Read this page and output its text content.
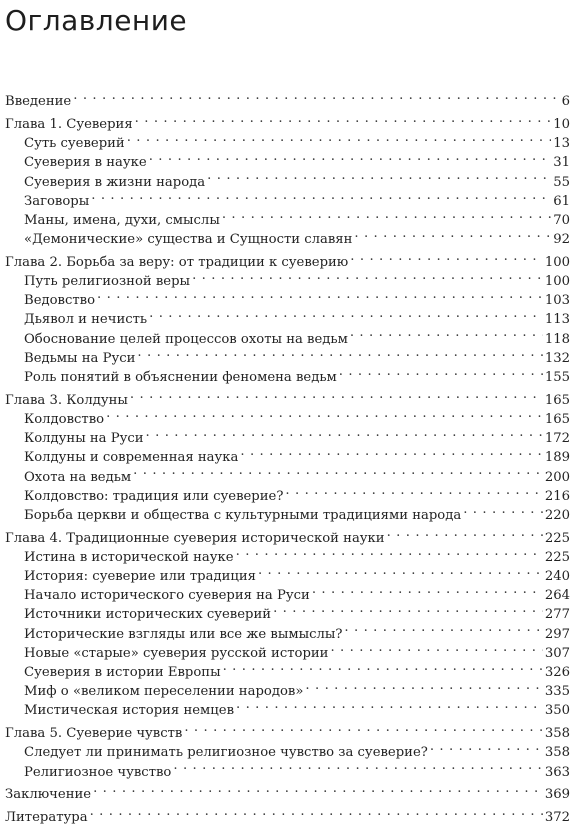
Оглавление
Введение . . .	6
Глава 1. Суеверия . . .	10
Суть суеверий . . .	13
Суеверия в науке . . .	31
Суеверия в жизни народа . . .	55
Заговоры . . .	61
Маны, имена, духи, смыслы . . .	70
«Демонические» существа и Сущности славян . . .	92
Глава 2. Борьба за веру: от традиции к суеверию . . .	100
Путь религиозной веры . . .	100
Ведовство . . .	103
Дьявол и нечисть . . .	113
Обоснование целей процессов охоты на ведьм . . .	118
Ведьмы на Руси . . .	132
Роль понятий в объяснении феномена ведьм . . .	155
Глава 3. Колдуны . . .	165
Колдовство . . .	165
Колдуны на Руси . . .	172
Колдуны и современная наука . . .	189
Охота на ведьм . . .	200
Колдовство: традиция или суеверие? . . .	216
Борьба церкви и общества с культурными традициями народа . . .	220
Глава 4. Традиционные суеверия исторической науки . . .	225
Истина в исторической науке . . .	225
История: суеверие или традиция . . .	240
Начало исторического суеверия на Руси . . .	264
Источники исторических суеверий . . .	277
Исторические взгляды или все же вымыслы? . . .	297
Новые «старые» суеверия русской истории . . .	307
Суеверия в истории Европы . . .	326
Миф о «великом переселении народов» . . .	335
Мистическая история немцев . . .	350
Глава 5. Суеверие чувств . . .	358
Следует ли принимать религиозное чувство за суеверие? . . .	358
Религиозное чувство . . .	363
Заключение . . .	369
Литература . . .	372
